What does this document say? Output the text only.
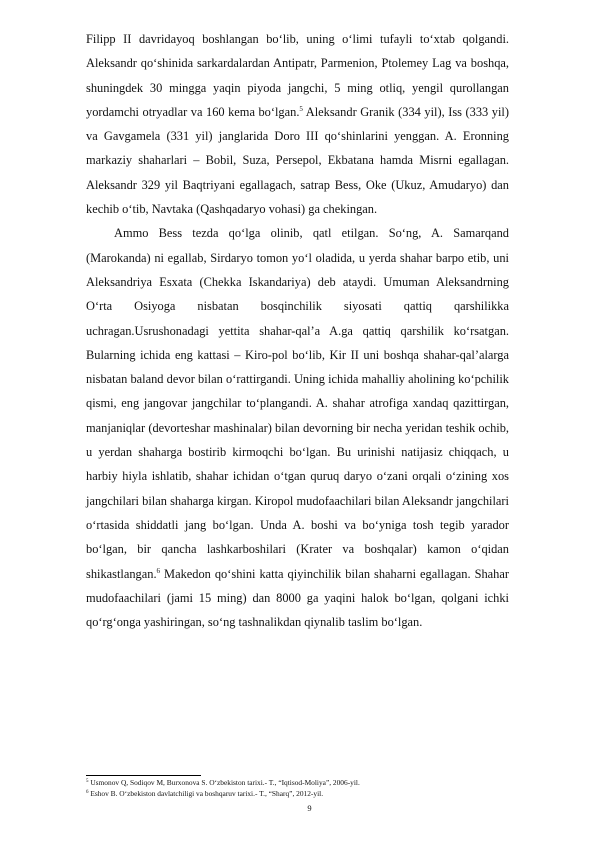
Filipp II davridayoq boshlangan bo‘lib, uning o‘limi tufayli to‘xtab qolgandi. Aleksandr qo‘shinida sarkardalardan Antipatr, Parmenion, Ptolemey Lag va boshqa, shuningdek 30 mingga yaqin piyoda jangchi, 5 ming otliq, yengil qurollangan yordamchi otryadlar va 160 kema bo‘lgan.$^5$ Aleksandr Granik (334 yil), Iss (333 yil) va Gavgamela (331 yil) janglarida Doro III qo‘shinlarini yenggan. A. Eronning markaziy shaharlari – Bobil, Suza, Persepol, Ekbatana hamda Misrni egallagan. Aleksandr 329 yil Baqtriyani egallagach, satrap Bess, Oke (Ukuz, Amudaryo) dan kechib o‘tib, Navtaka (Qashqadaryo vohasi) ga chekingan.

Ammo Bess tezda qo‘lga olinib, qatl etilgan. So‘ng, A. Samarqand (Marokanda) ni egallab, Sirdaryo tomon yo‘l oladida, u yerda shahar barpo etib, uni Aleksandriya Esxata (Chekka Iskandariya) deb ataydi. Umuman Aleksandrning O‘rta Osiyoga nisbatan bosqinchilik siyosati qattiq qarshilikka uchragan.Usrushonadagi yettita shahar-qal’a A.ga qattiq qarshilik ko‘rsatgan. Bularning ichida eng kattasi – Kiro-pol bo‘lib, Kir II uni boshqa shahar-qal’alarga nisbatan baland devor bilan o‘rattirgandi. Uning ichida mahalliy aholining ko‘pchilik qismi, eng jangovar jangchilar to‘plangandi. A. shahar atrofiga xandaq qazittirgan, manjaniqlar (devorteshar mashinalar) bilan devorning bir necha yeridan teshik ochib, u yerdan shaharga bostirib kirmoqchi bo‘lgan. Bu urinishi natijasiz chiqqach, u harbiy hiyla ishlatib, shahar ichidan o‘tgan quruq daryo o‘zani orqali o‘zining xos jangchilari bilan shaharga kirgan. Kiropol mudofaachilari bilan Aleksandr jangchilari o‘rtasida shiddatli jang bo‘lgan. Unda A. boshi va bo‘yniga tosh tegib yarador bo‘lgan, bir qancha lashkarboshilari (Krater va boshqalar) kamon o‘qidan shikastlangan.$^6$ Makedon qo‘shini katta qiyinchilik bilan shaharni egallagan. Shahar mudofaachilari (jami 15 ming) dan 8000 ga yaqini halok bo‘lgan, qolgani ichki qo‘rg‘onga yashiringan, so‘ng tashnalikdan qiynalib taslim bo‘lgan.

$^5$ Usmonov Q, Sodiqov M, Burxonova S. O‘zbekiston tarixi.- T., “Iqtisod-Moliya”, 2006-yil.
$^6$ Eshov B. O‘zbekiston davlatchiligi va boshqaruv tarixi.- T., “Sharq”, 2012-yil.
9
